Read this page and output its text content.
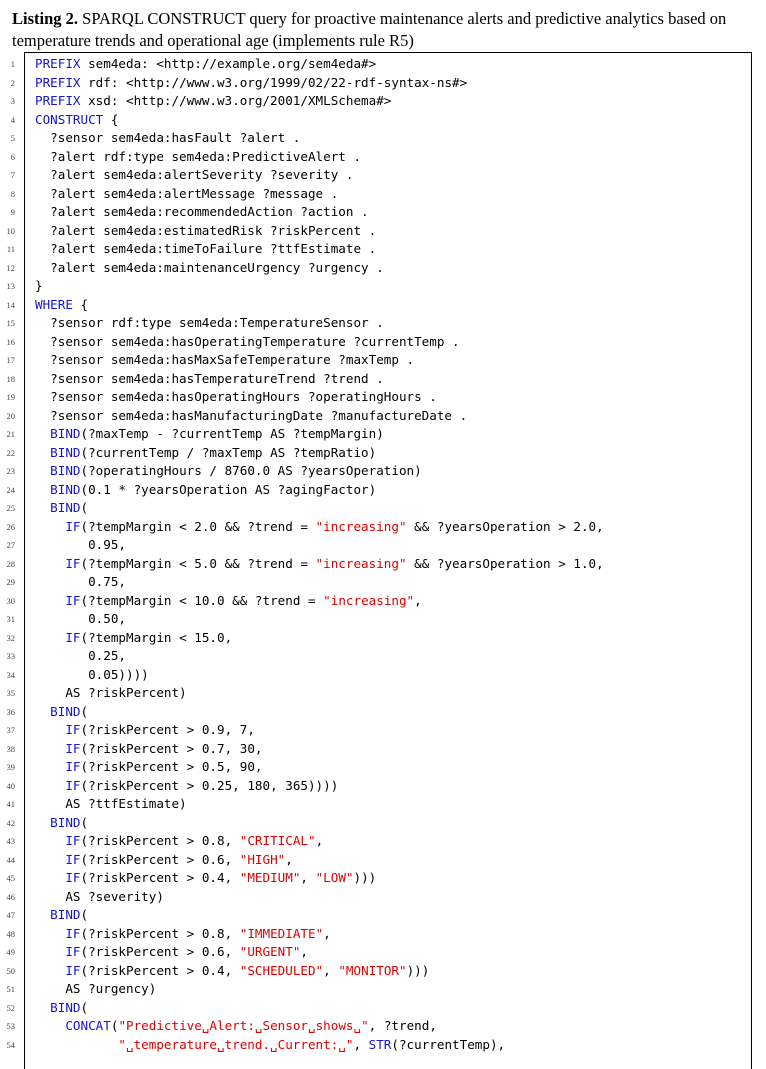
Listing 2. SPARQL CONSTRUCT query for proactive maintenance alerts and predictive analytics based on temperature trends and operational age (implements rule R5)
1 PREFIX sem4eda: <http://example.org/sem4eda#>
2 PREFIX rdf: <http://www.w3.org/1999/02/22-rdf-syntax-ns#>
3 PREFIX xsd: <http://www.w3.org/2001/XMLSchema#>
4 CONSTRUCT {
5 ?sensor sem4eda:hasFault ?alert .
6 ?alert rdf:type sem4eda:PredictiveAlert .
7 ?alert sem4eda:alertSeverity ?severity .
8 ?alert sem4eda:alertMessage ?message .
9 ?alert sem4eda:recommendedAction ?action .
10 ?alert sem4eda:estimatedRisk ?riskPercent .
11 ?alert sem4eda:timeToFailure ?ttfEstimate .
12 ?alert sem4eda:maintenanceUrgency ?urgency .
13 }
14 WHERE {
15 ?sensor rdf:type sem4eda:TemperatureSensor .
16 ?sensor sem4eda:hasOperatingTemperature ?currentTemp .
17 ?sensor sem4eda:hasMaxSafeTemperature ?maxTemp .
18 ?sensor sem4eda:hasTemperatureTrend ?trend .
19 ?sensor sem4eda:hasOperatingHours ?operatingHours .
20 ?sensor sem4eda:hasManufacturingDate ?manufactureDate .
21	BIND(?maxTemp - ?currentTemp AS ?tempMargin)
22	BIND(?currentTemp / ?maxTemp AS ?tempRatio)
23	BIND(?operatingHours / 8760.0 AS ?yearsOperation)
24	BIND(0.1 * ?yearsOperation AS ?agingFactor)
25	BIND(
26	IF(?tempMargin < 2.0 && ?trend = "increasing" && ?yearsOperation > 2.0,
27 0.95,
28	IF(?tempMargin < 5.0 && ?trend = "increasing" && ?yearsOperation > 1.0,
29 0.75,
30	IF(?tempMargin < 10.0 && ?trend = "increasing",
31 0.50,
32	IF(?tempMargin < 15.0,
33 0.25,
34 0.05))))
35 AS ?riskPercent)
36	BIND(
37	IF(?riskPercent > 0.9, 7,
38	IF(?riskPercent > 0.7, 30,
39	IF(?riskPercent > 0.5, 90,
40	IF(?riskPercent > 0.25, 180, 365))))
41 AS ?ttfEstimate)
42	BIND(
43	IF(?riskPercent > 0.8, "CRITICAL",
44	IF(?riskPercent > 0.6, "HIGH",
45	IF(?riskPercent > 0.4, "MEDIUM", "LOW")))
46 AS ?severity)
47	BIND(
48	IF(?riskPercent > 0.8, "IMMEDIATE",
49	IF(?riskPercent > 0.6, "URGENT",
50	IF(?riskPercent > 0.4, "SCHEDULED", "MONITOR")))
51 AS ?urgency)
52	BIND(
53	CONCAT("Predictive␣Alert:␣Sensor␣shows␣", ?trend,
54	"␣temperature␣trend.␣Current:␣", STR(?currentTemp),
